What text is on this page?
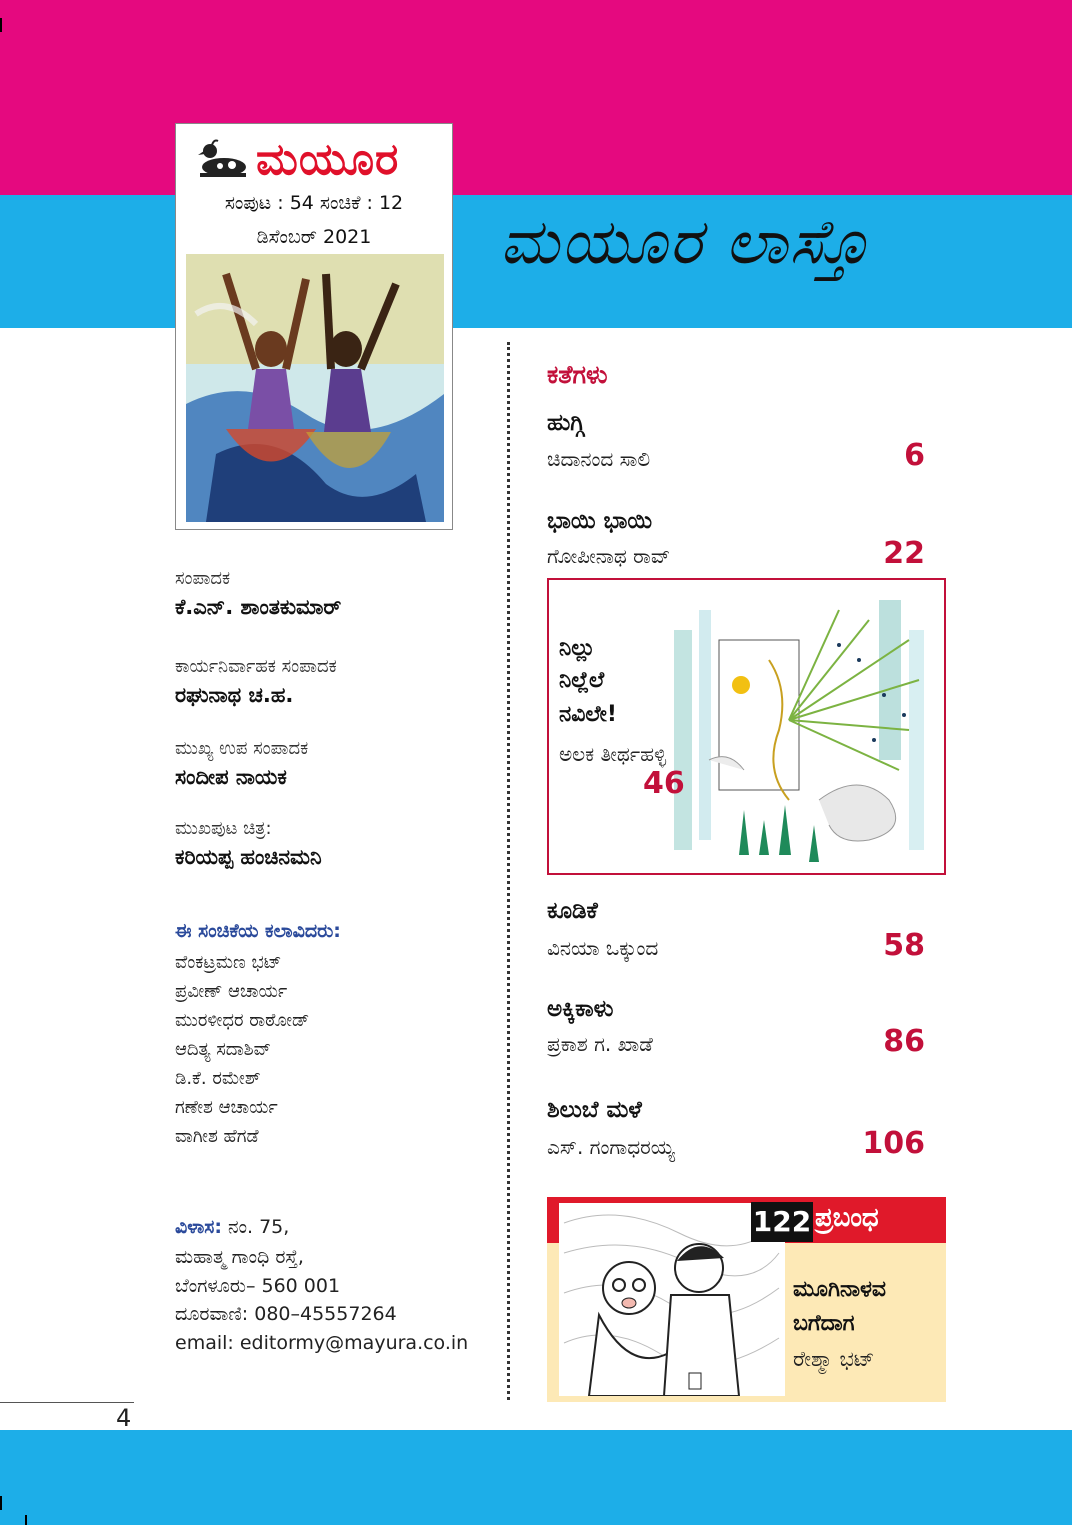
ಮಯೂರ
ಸಂಪುಟ : 54 ಸಂಚಿಕೆ : 12
ಡಿಸೆಂಬರ್ 2021	ಮಯೂರ ಲಾಸ್ತೊ
ಸಂಪಾದಕ
ಕೆ.ಎನ್. ಶಾಂತಕುಮಾರ್
ಕಾರ್ಯನಿರ್ವಾಹಕ ಸಂಪಾದಕ
ರಘುನಾಥ ಚ.ಹ.
ಮುಖ್ಯ ಉಪ ಸಂಪಾದಕ
ಸಂದೀಪ ನಾಯಕ
ಮುಖಪುಟ ಚಿತ್ರ:
ಕರಿಯಪ್ಪ ಹಂಚಿನಮನಿ
ಈ ಸಂಚಿಕೆಯ ಕಲಾವಿದರು:
ವೆಂಕಟ್ರಮಣ ಭಟ್
ಪ್ರವೀಣ್ ಆಚಾರ್ಯ
ಮುರಳೀಧರ ರಾಠೋಡ್
ಆದಿತ್ಯ ಸದಾಶಿವ್
ಡಿ.ಕೆ. ರಮೇಶ್
ಗಣೇಶ ಆಚಾರ್ಯ
ವಾಗೀಶ ಹೆಗಡೆ
ವಿಳಾಸ: ನಂ. 75,
ಮಹಾತ್ಮ ಗಾಂಧಿ ರಸ್ತೆ,
ಬೆಂಗಳೂರು– 560 001
ದೂರವಾಣಿ: 080–45557264
email: editormy@mayura.co.in
ಕತೆಗಳು
ಹುಗ್ಗಿ
ಚಿದಾನಂದ ಸಾಲಿ	6
ಭಾಯಿ ಭಾಯಿ
ಗೋಪೀನಾಥ ರಾವ್	22
ನಿಲ್ಲು
ನಿಲ್ಲೆಲೆ
ನವಿಲೇ!
ಅಲಕ ತೀರ್ಥಹಳ್ಳಿ
46
ಕೂಡಿಕೆ
ವಿನಯಾ ಒಕ್ಕುಂದ	58
ಅಕ್ಕಿಕಾಳು
ಪ್ರಕಾಶ ಗ. ಖಾಡೆ	86
ಶಿಲುಬೆ ಮಳೆ
ಎಸ್. ಗಂಗಾಧರಯ್ಯ	106
122 ಪ್ರಬಂಧ
ಮೂಗಿನಾಳವ
ಬಗೆದಾಗ
ರೇಶ್ಮಾ ಭಟ್
4
